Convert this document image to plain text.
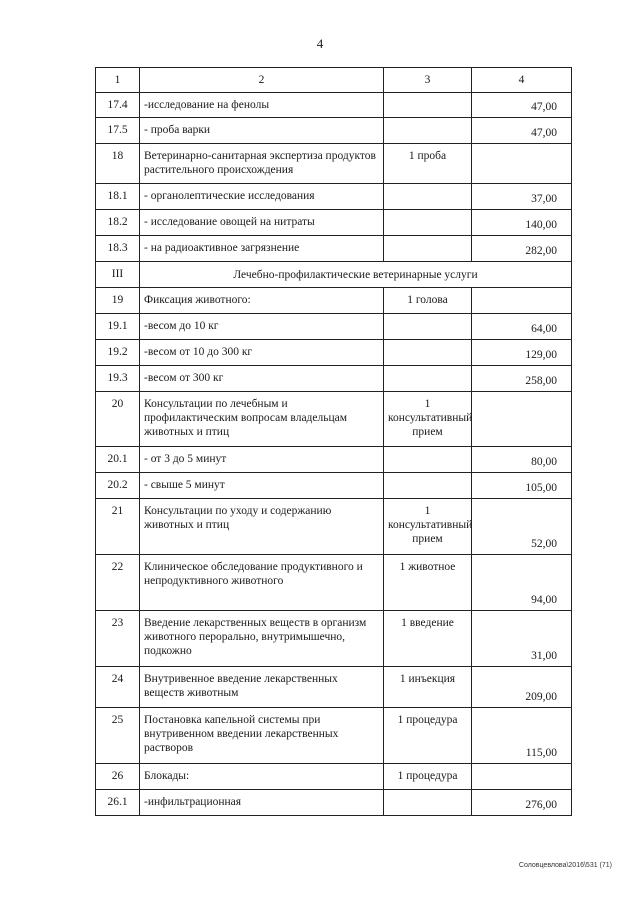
4
1	2	3	4
17.4	-исследование на фенолы		47,00
17.5	- проба варки		47,00
18	Ветеринарно-санитарная экспертиза продуктов растительного происхождения	1 проба	
18.1	- органолептические исследования		37,00
18.2	- исследование овощей на нитраты		140,00
18.3	- на радиоактивное загрязнение		282,00
III	Лечебно-профилактические ветеринарные услуги		
19	Фиксация животного:	1 голова	
19.1	-весом до 10 кг		64,00
19.2	-весом от 10 до 300 кг		129,00
19.3	-весом от 300 кг		258,00
20	Консультации по лечебным и профилактическим вопросам владельцам животных и птиц	1 консультативный прием	
20.1	- от 3 до 5 минут		80,00
20.2	- свыше 5 минут		105,00
21	Консультации по уходу и содержанию животных и птиц	1 консультативный прием	52,00
22	Клиническое обследование продуктивного и непродуктивного животного	1 животное	94,00
23	Введение лекарственных веществ в организм животного перорально, внутримышечно, подкожно	1 введение	31,00
24	Внутривенное введение лекарственных веществ животным	1 инъекция	209,00
25	Постановка капельной системы при внутривенном введении лекарственных растворов	1 процедура	115,00
26	Блокады:	1 процедура	
26.1	-инфильтрационная		276,00
Соловцевлова\2016\531 (71)
